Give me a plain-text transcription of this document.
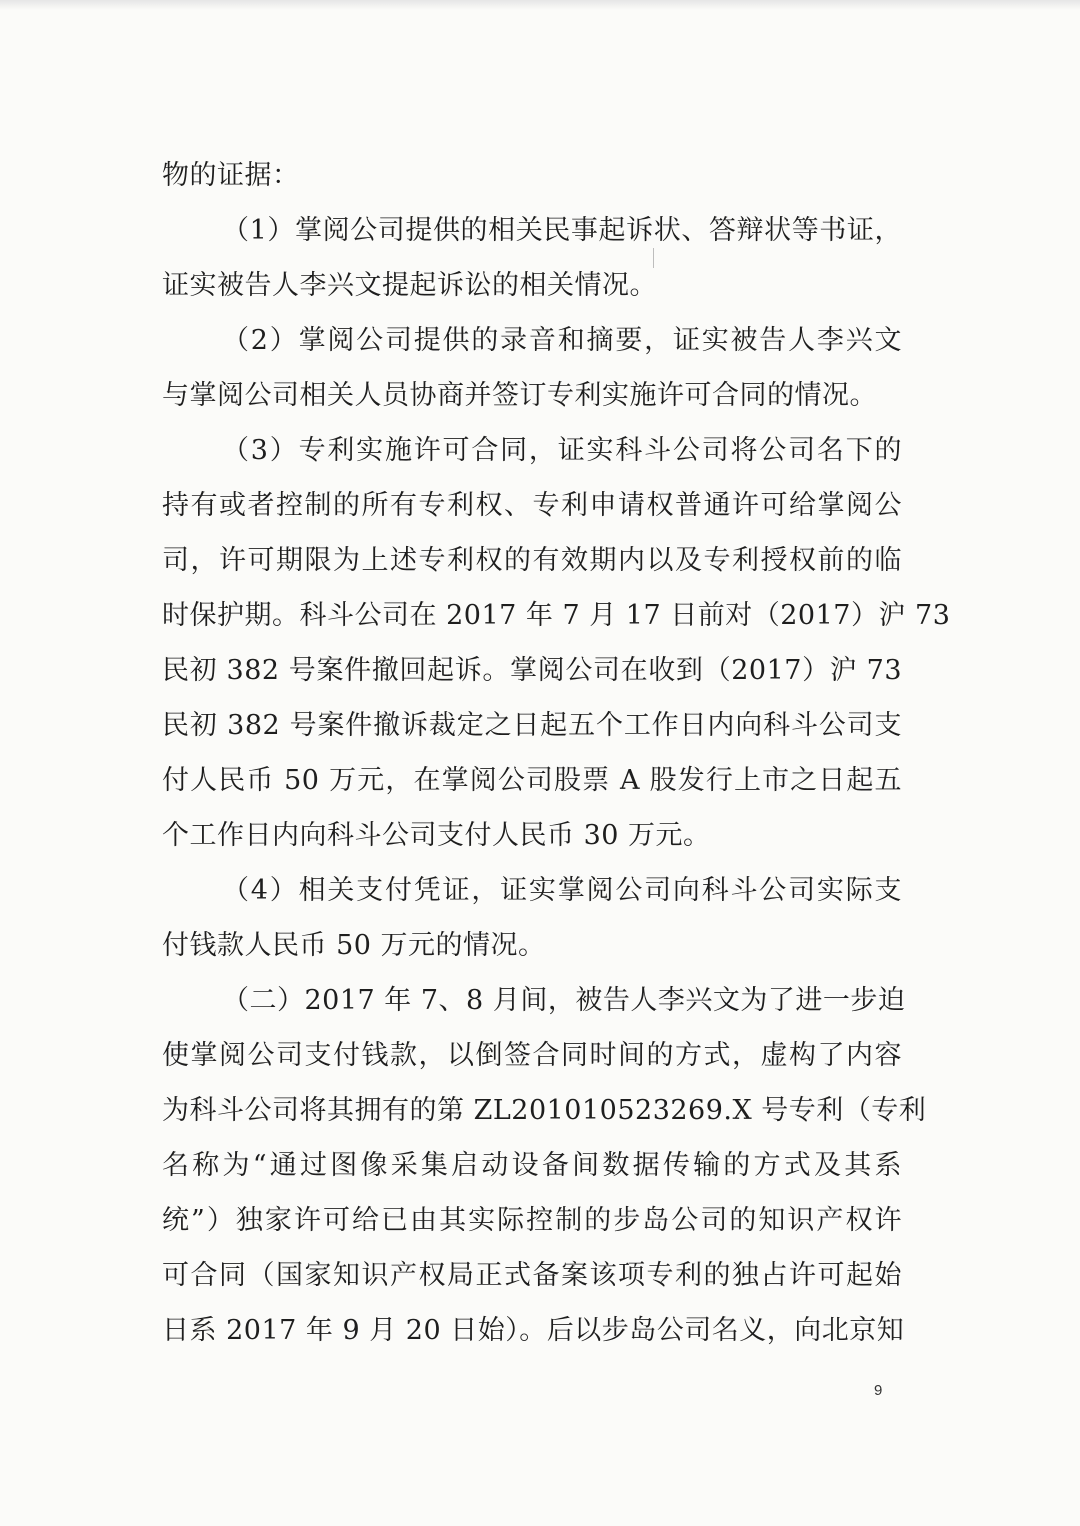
物的证据：
（1）掌阅公司提供的相关民事起诉状、答辩状等书证，
证实被告人李兴文提起诉讼的相关情况。
（2）掌阅公司提供的录音和摘要，证实被告人李兴文
与掌阅公司相关人员协商并签订专利实施许可合同的情况。
（3）专利实施许可合同，证实科斗公司将公司名下的
持有或者控制的所有专利权、专利申请权普通许可给掌阅公
司，许可期限为上述专利权的有效期内以及专利授权前的临
时保护期。科斗公司在 2017 年 7 月 17 日前对（2017）沪 73
民初 382 号案件撤回起诉。掌阅公司在收到（2017）沪 73
民初 382 号案件撤诉裁定之日起五个工作日内向科斗公司支
付人民币 50 万元，在掌阅公司股票 A 股发行上市之日起五
个工作日内向科斗公司支付人民币 30 万元。
（4）相关支付凭证，证实掌阅公司向科斗公司实际支
付钱款人民币 50 万元的情况。
（二）2017 年 7、8 月间，被告人李兴文为了进一步迫
使掌阅公司支付钱款，以倒签合同时间的方式，虚构了内容
为科斗公司将其拥有的第 ZL201010523269.X 号专利（专利
名称为“通过图像采集启动设备间数据传输的方式及其系
统”）独家许可给已由其实际控制的步岛公司的知识产权许
可合同（国家知识产权局正式备案该项专利的独占许可起始
日系 2017 年 9 月 20 日始）。后以步岛公司名义，向北京知
9
